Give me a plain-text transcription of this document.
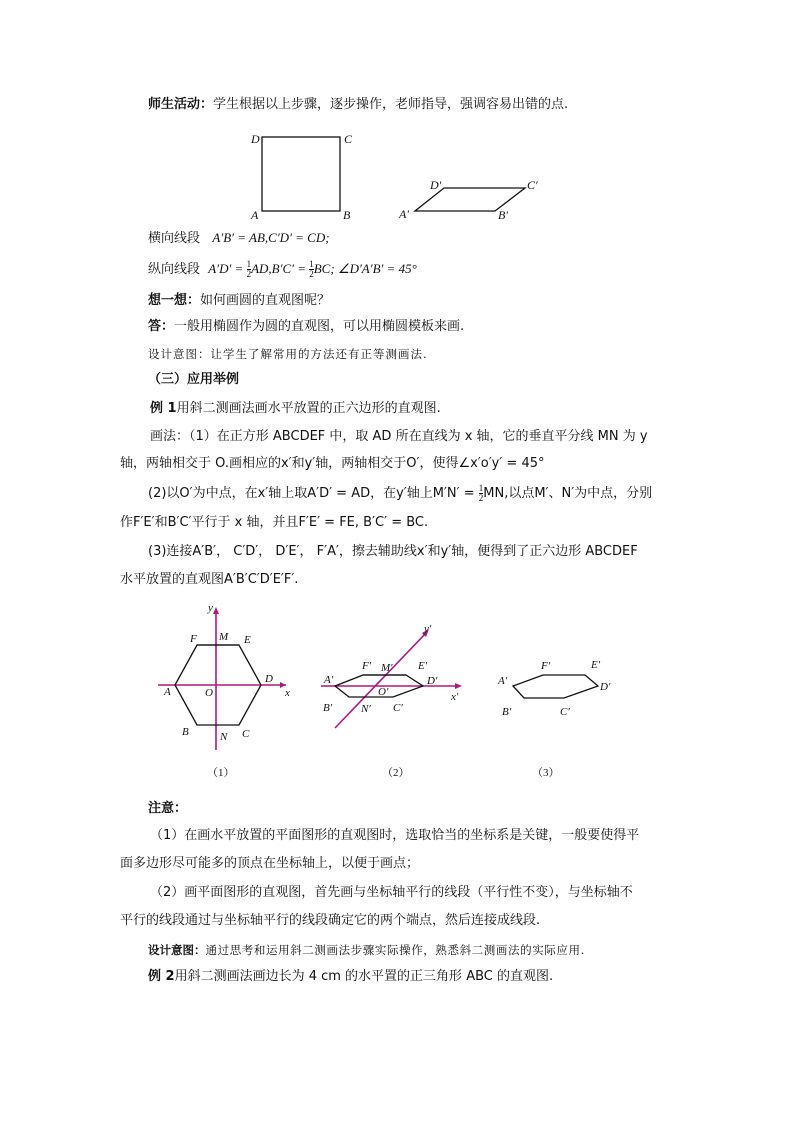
师生活动：学生根据以上步骤，逐步操作，老师指导，强调容易出错的点.
横向线段 A′B′ = AB,C′D′ = CD;
纵向线段 $A'D' = \frac{1}{2} AD,B'C' = \frac{1}{2}$ BC; ∠D′A′B′ = 45°
想一想：如何画圆的直观图呢？
答：一般用椭圆作为圆的直观图，可以用椭圆模板来画.
设计意图：让学生了解常用的方法还有正等测画法.
（三）应用举例
例 1用斜二测画法画水平放置的正六边形的直观图.
画法：（1）在正方形 ABCDEF 中，取 AD 所在直线为 x 轴，它的垂直平分线 MN 为 y
轴，两轴相交于 O.画相应的x′和y′轴，两轴相交于O′，使得∠x′o′y′ = 45°
(2)以O′为中点，在x′轴上取A′D′ = AD，在y′轴上$M'N' = \frac{1}{2}$ MN,以点M′、N′为中点，分别
作F′E′和B′C′平行于 x 轴，并且F′E′ = FE, B′C′ = BC.
(3)连接A′B′， C′D′， D′E′， F′A′，擦去辅助线x′和y′轴，便得到了正六边形 ABCDEF
水平放置的直观图A′B′C′D′E′F′.
注意：
（1）在画水平放置的平面图形的直观图时，选取恰当的坐标系是关键，一般要使得平
面多边形尽可能多的顶点在坐标轴上，以便于画点；
（2）画平面图形的直观图，首先画与坐标轴平行的线段（平行性不变），与坐标轴不
平行的线段通过与坐标轴平行的线段确定它的两个端点，然后连接成线段.
设计意图：通过思考和运用斜二测画法步骤实际操作，熟悉斜二测画法的实际应用.
例 2用斜二测画法画边长为 4 cm 的水平置的正三角形 ABC 的直观图.
D	C
A	B	A′	B′
C′
D′
y
x
F M E
A	O
D
B	N C
（1）
y′
x′
A′
F′ M′ E′
D′
O′
B′	N′ C′
（2）
A′
F′	E′
D′
B′	C′
（3）
